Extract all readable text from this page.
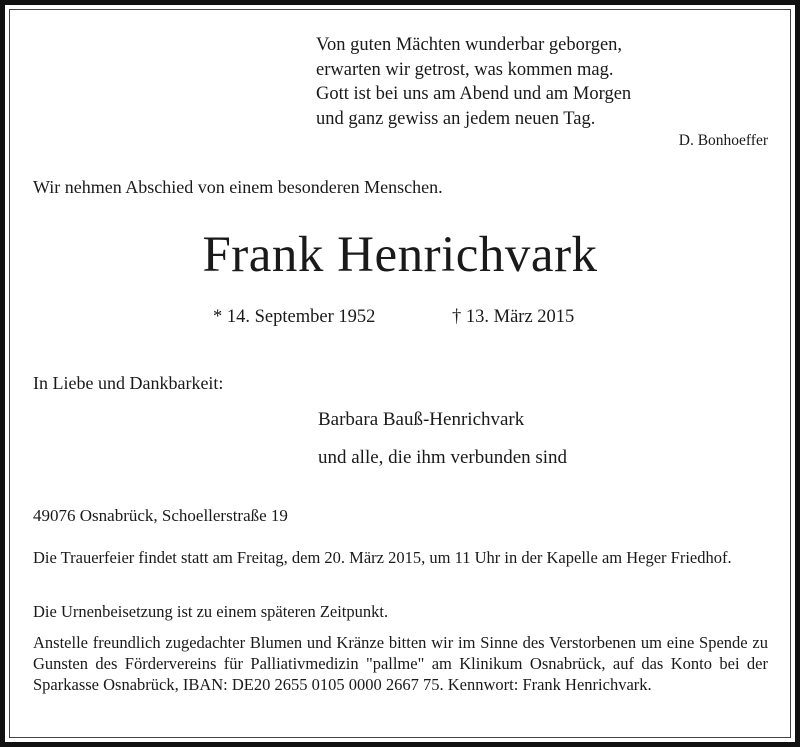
Von guten Mächten wunderbar geborgen,
erwarten wir getrost, was kommen mag.
Gott ist bei uns am Abend und am Morgen
und ganz gewiss an jedem neuen Tag.
D. Bonhoeffer
Wir nehmen Abschied von einem besonderen Menschen.
Frank Henrichvark
* 14. September 1952	† 13. März 2015
In Liebe und Dankbarkeit:
Barbara Bauß-Henrichvark
und alle, die ihm verbunden sind
49076 Osnabrück, Schoellerstraße 19
Die Trauerfeier findet statt am Freitag, dem 20. März 2015, um 11 Uhr in der Kapelle am Heger Friedhof.
Die Urnenbeisetzung ist zu einem späteren Zeitpunkt.
Anstelle freundlich zugedachter Blumen und Kränze bitten wir im Sinne des Verstorbenen um eine Spende zu Gunsten des Fördervereins für Palliativmedizin "pallme" am Klinikum Osnabrück, auf das Konto bei der Sparkasse Osnabrück, IBAN: DE20 2655 0105 0000 2667 75. Kennwort: Frank Henrichvark.
